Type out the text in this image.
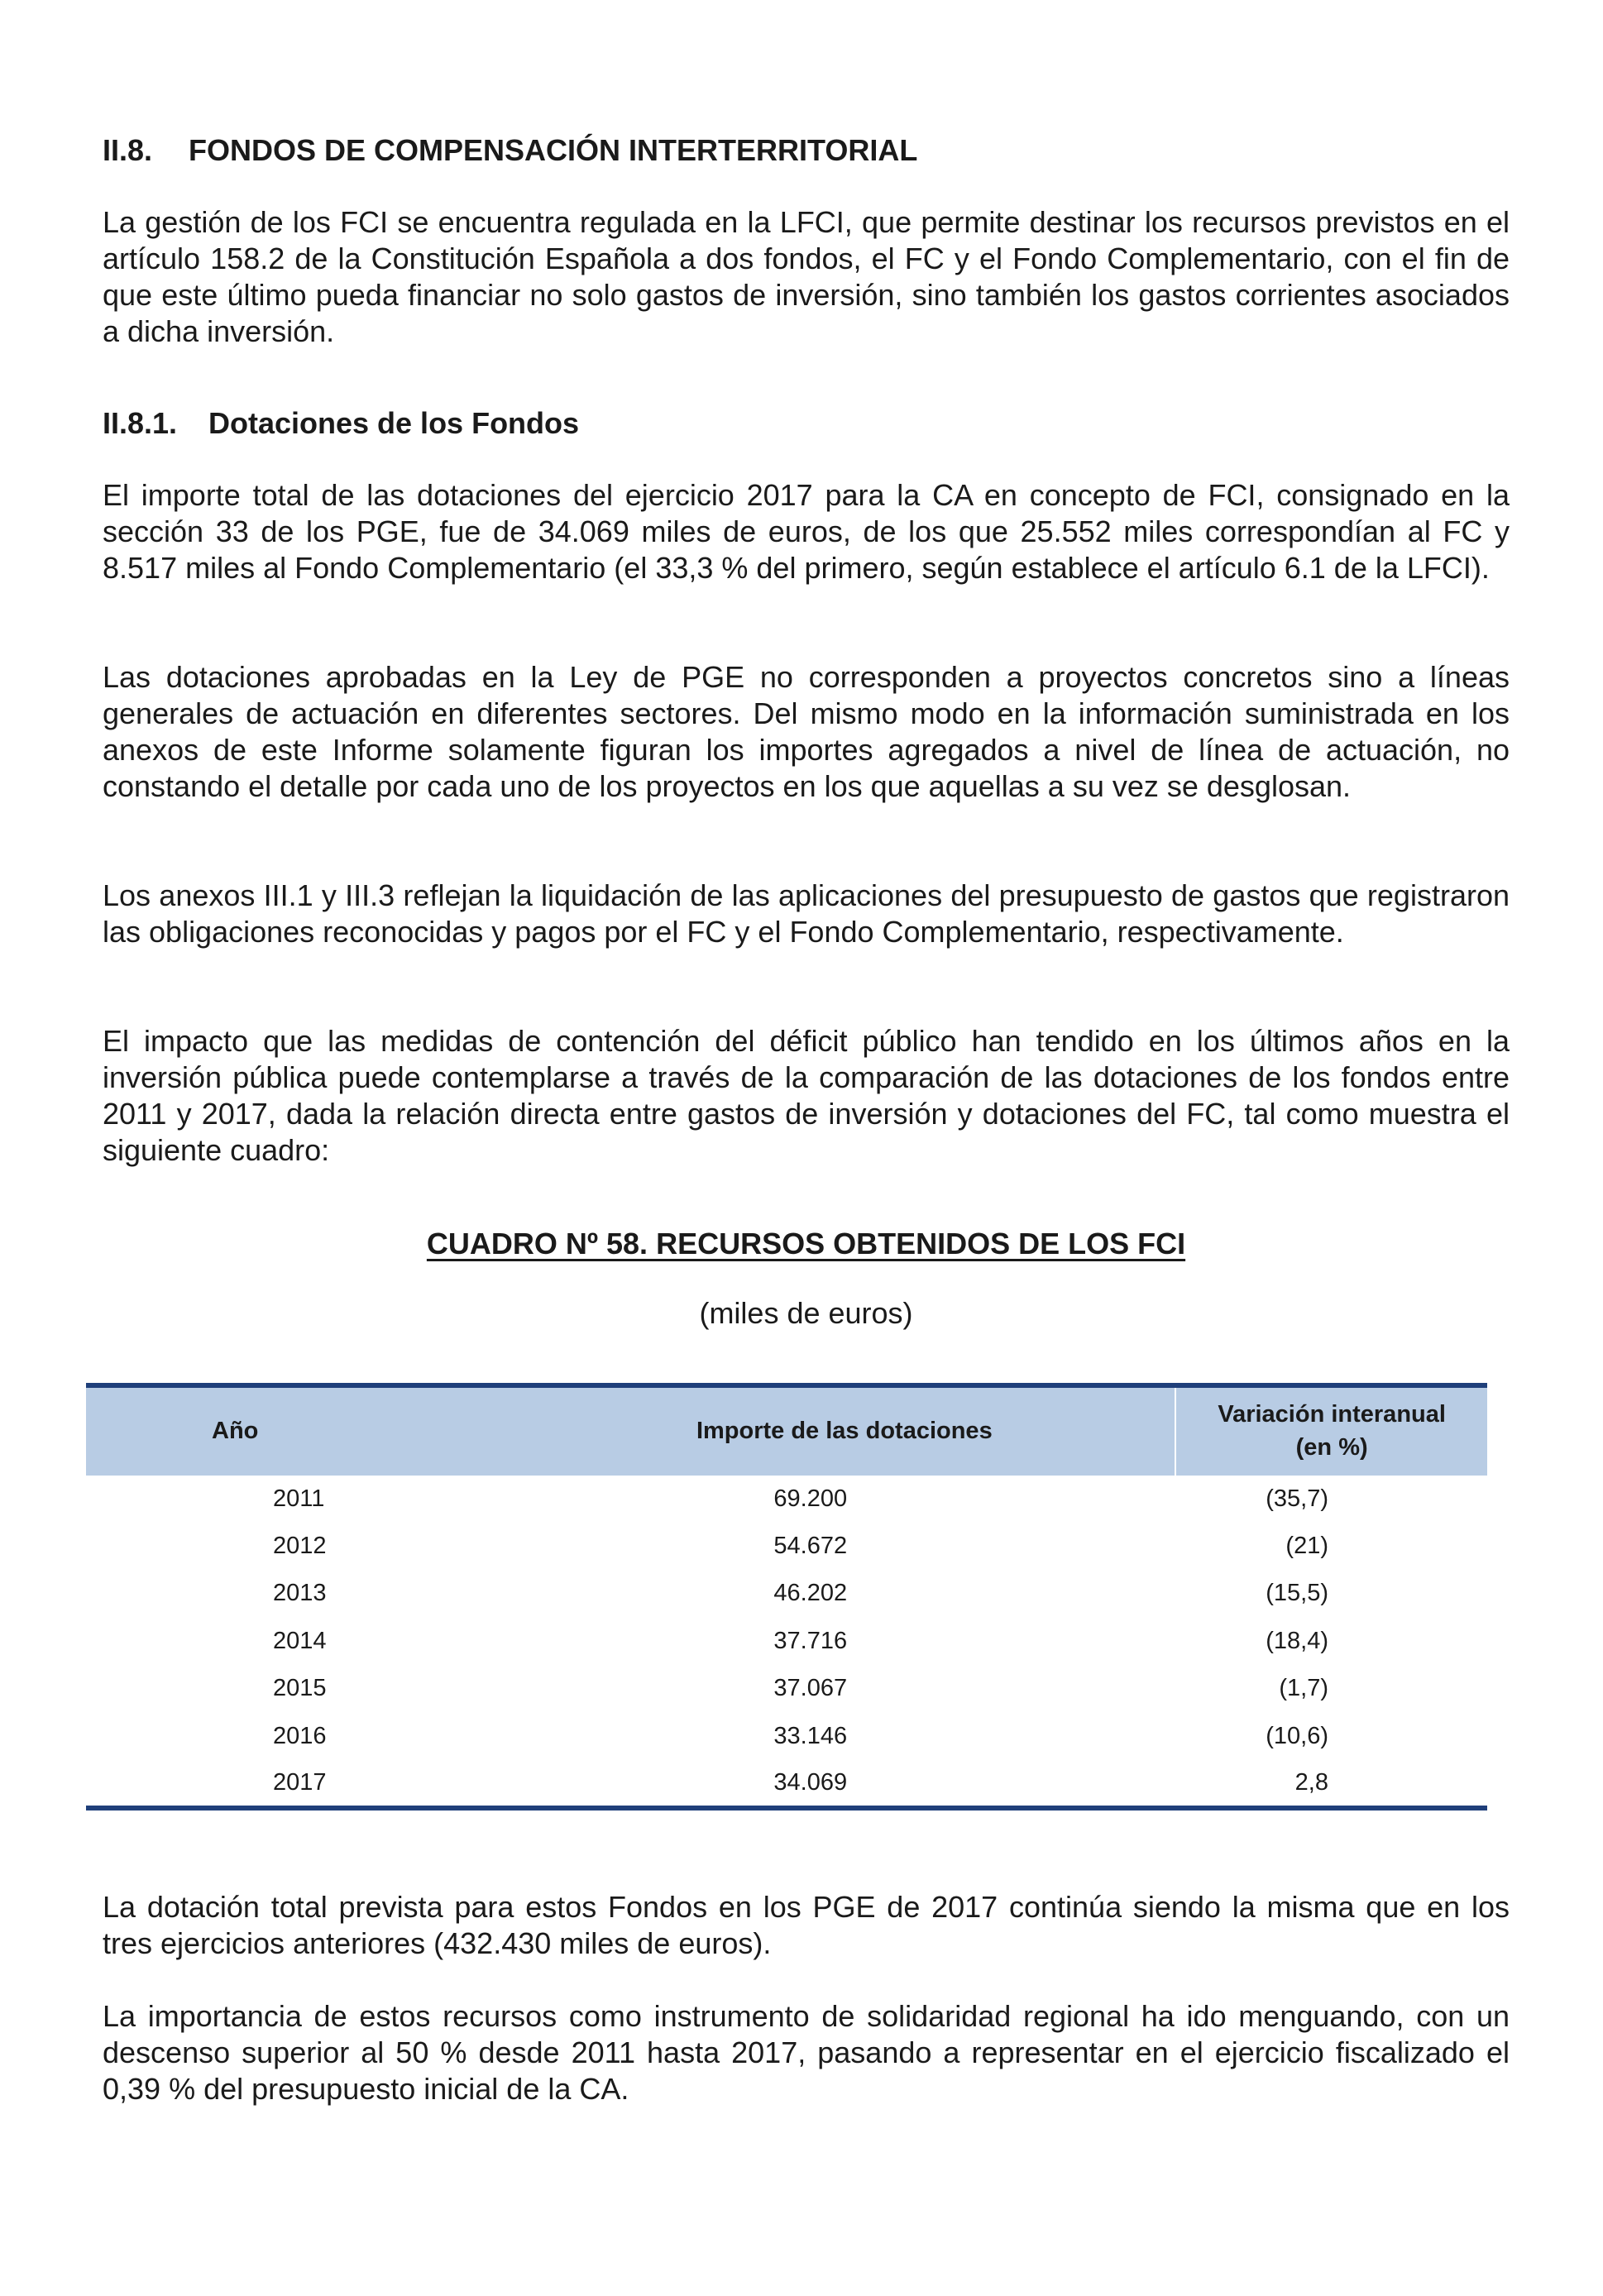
II.8. FONDOS DE COMPENSACIÓN INTERTERRITORIAL

La gestión de los FCI se encuentra regulada en la LFCI, que permite destinar los recursos previstos en el artículo 158.2 de la Constitución Española a dos fondos, el FC y el Fondo Complementario, con el fin de que este último pueda financiar no solo gastos de inversión, sino también los gastos corrientes asociados a dicha inversión.

II.8.1. Dotaciones de los Fondos

El importe total de las dotaciones del ejercicio 2017 para la CA en concepto de FCI, consignado en la sección 33 de los PGE, fue de 34.069 miles de euros, de los que 25.552 miles correspondían al FC y 8.517 miles al Fondo Complementario (el 33,3 % del primero, según establece el artículo 6.1 de la LFCI).

Las dotaciones aprobadas en la Ley de PGE no corresponden a proyectos concretos sino a líneas generales de actuación en diferentes sectores. Del mismo modo en la información suministrada en los anexos de este Informe solamente figuran los importes agregados a nivel de línea de actuación, no constando el detalle por cada uno de los proyectos en los que aquellas a su vez se desglosan.

Los anexos III.1 y III.3 reflejan la liquidación de las aplicaciones del presupuesto de gastos que registraron las obligaciones reconocidas y pagos por el FC y el Fondo Complementario, respectivamente.

El impacto que las medidas de contención del déficit público han tendido en los últimos años en la inversión pública puede contemplarse a través de la comparación de las dotaciones de los fondos entre 2011 y 2017, dada la relación directa entre gastos de inversión y dotaciones del FC, tal como muestra el siguiente cuadro:

CUADRO Nº 58. RECURSOS OBTENIDOS DE LOS FCI
(miles de euros)
Año	Importe de las dotaciones	Variación interanual
(en %)

2011	69.200	(35,7)
2012	54.672	(21)
2013	46.202	(15,5)
2014	37.716	(18,4)
2015	37.067	(1,7)
2016	33.146	(10,6)
2017	34.069	2,8

La dotación total prevista para estos Fondos en los PGE de 2017 continúa siendo la misma que en los tres ejercicios anteriores (432.430 miles de euros).

La importancia de estos recursos como instrumento de solidaridad regional ha ido menguando, con un descenso superior al 50 % desde 2011 hasta 2017, pasando a representar en el ejercicio fiscalizado el 0,39 % del presupuesto inicial de la CA.
